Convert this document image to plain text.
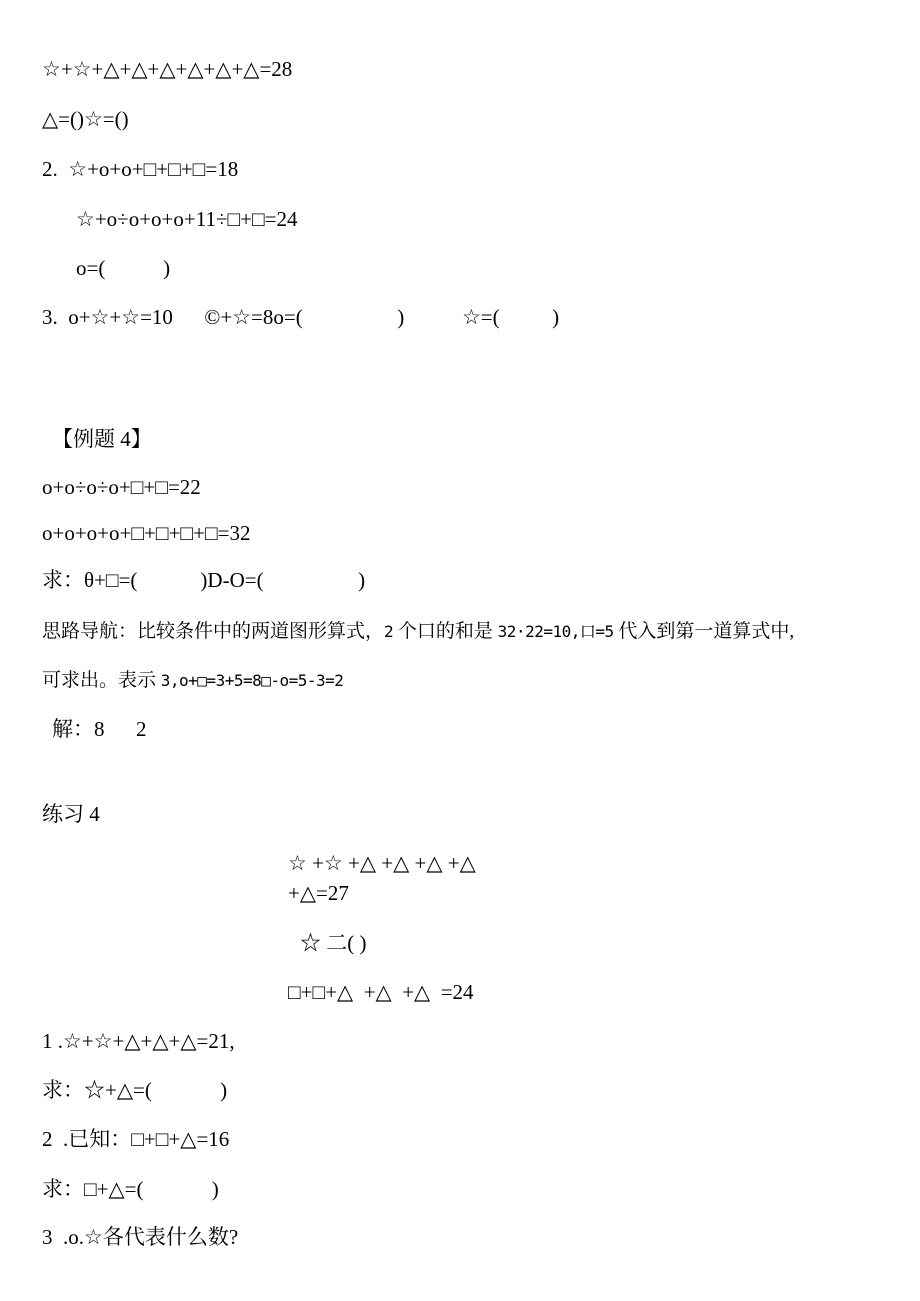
☆+☆+△+△+△+△+△+△=28
△=()☆=()
2.  ☆+o+o+□+□+□=18
☆+o÷o+o+o+11÷□+□=24
o=(           )
3.  o+☆+☆=10      ©+☆=8o=(                  )           ☆=(          )
【例题 4】
o+o÷o÷o+□+□=22
o+o+o+o+□+□+□+□=32
求：θ+□=(            )D-O=(                  )
思路导航：比较条件中的两道图形算式，2 个口的和是 32·22=10,口=5 代入到第一道算式中,
可求出。表示 3,o+□=3+5=8□-o=5-3=2
解：8      2
练习 4
☆ +☆ +△ +△ +△ +△
+△=27
☆ 二( )
□+□+△  +△  +△  =24
1 .☆+☆+△+△+△=21,
求：☆+△=(             )
2  .已知：□+□+△=16
求：□+△=(             )
3  .o.☆各代表什么数?
